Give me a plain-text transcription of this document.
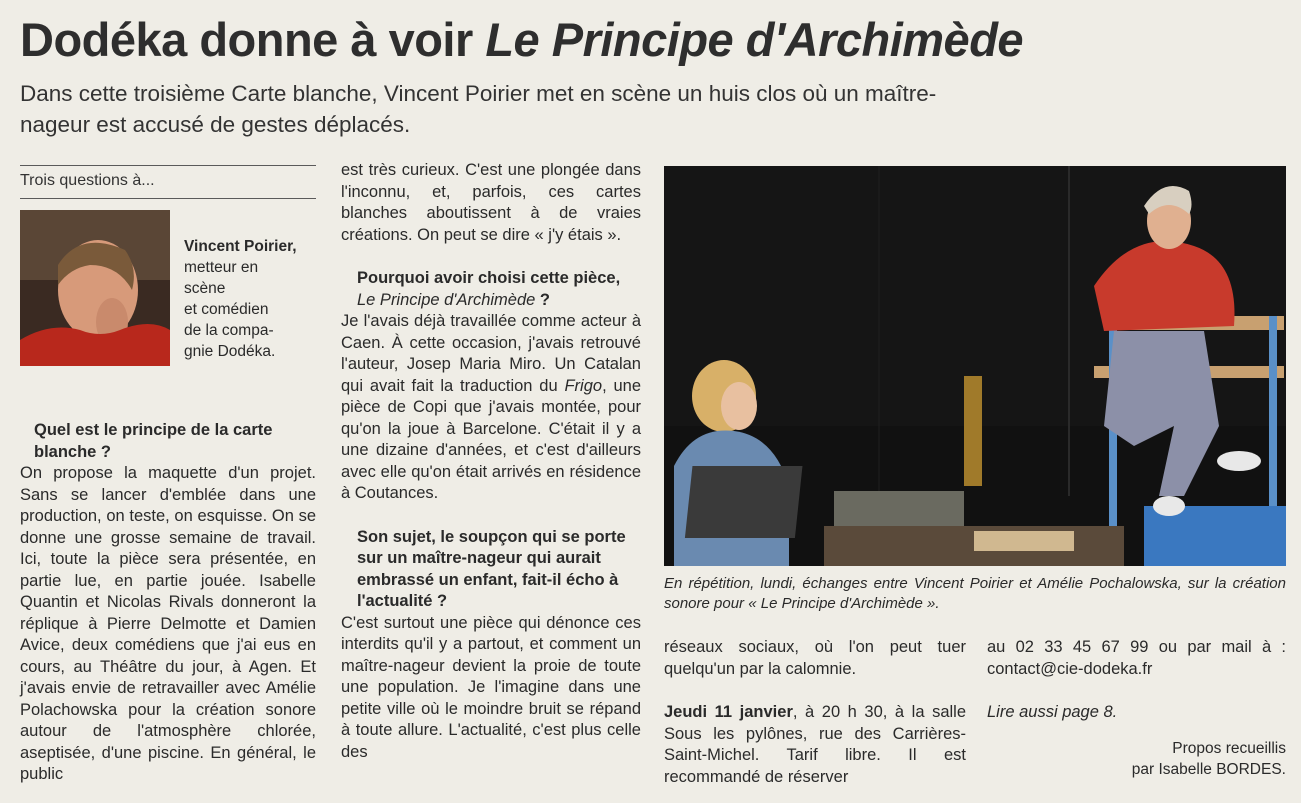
Dodéka donne à voir Le Principe d'Archimède
Dans cette troisième Carte blanche, Vincent Poirier met en scène un huis clos où un maître-nageur est accusé de gestes déplacés.
Trois questions à...
Vincent Poirier,
metteur en
scène
et comédien
de la compa-
gnie Dodéka.
Quel est le principe de la carte blanche ?
On propose la maquette d'un projet. Sans se lancer d'emblée dans une production, on teste, on esquisse. On se donne une grosse semaine de travail. Ici, toute la pièce sera présentée, en partie lue, en partie jouée. Isabelle Quantin et Nicolas Rivals donneront la réplique à Pierre Delmotte et Damien Avice, deux comédiens que j'ai eus en cours, au Théâtre du jour, à Agen. Et j'avais envie de retravailler avec Amélie Polachowska pour la création sonore autour de l'atmosphère chlorée, aseptisée, d'une piscine. En général, le public
est très curieux. C'est une plongée dans l'inconnu, et, parfois, ces cartes blanches aboutissent à de vraies créations. On peut se dire « j'y étais ».
Pourquoi avoir choisi cette pièce,
Le Principe d'Archimède ?
Je l'avais déjà travaillée comme acteur à Caen. À cette occasion, j'avais retrouvé l'auteur, Josep Maria Miro. Un Catalan qui avait fait la traduction du Frigo, une pièce de Copi que j'avais montée, pour qu'on la joue à Barcelone. C'était il y a une dizaine d'années, et c'est d'ailleurs avec elle qu'on était arrivés en résidence à Coutances.
Son sujet, le soupçon qui se porte sur un maître-nageur qui aurait embrassé un enfant, fait-il écho à l'actualité ?
C'est surtout une pièce qui dénonce ces interdits qu'il y a partout, et comment un maître-nageur devient la proie de toute une population. Je l'imagine dans une petite ville où le moindre bruit se répand à toute allure. L'actualité, c'est plus celle des
En répétition, lundi, échanges entre Vincent Poirier et Amélie Pochalowska, sur la création sonore pour « Le Principe d'Archimède ».
réseaux sociaux, où l'on peut tuer quelqu'un par la calomnie.
Jeudi 11 janvier, à 20 h 30, à la salle Sous les pylônes, rue des Carrières-Saint-Michel. Tarif libre. Il est recommandé de réserver
au 02 33 45 67 99 ou par mail à : contact@cie-dodeka.fr
Lire aussi page 8.
Propos recueillis
par Isabelle BORDES.
